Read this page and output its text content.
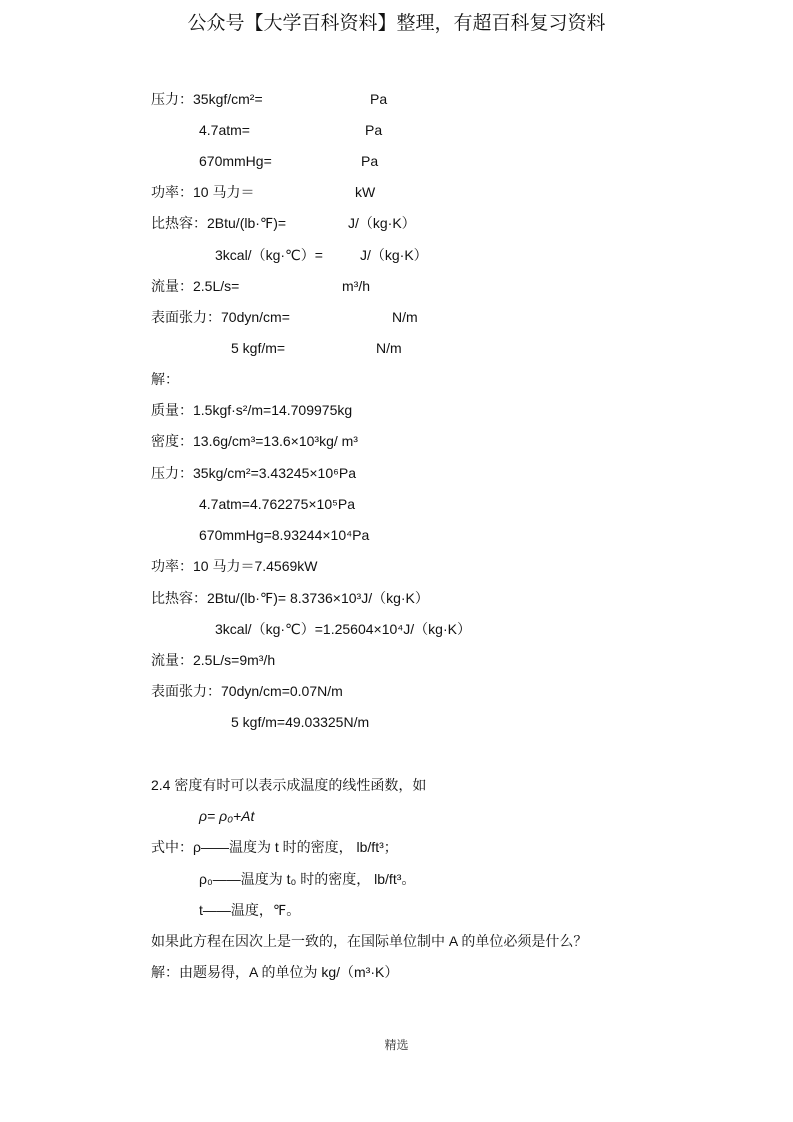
公众号【大学百科资料】整理，有超百科复习资料
压力：35kgf/cm²=	Pa
4.7atm=	Pa
670mmHg=	Pa
功率：10 马力＝	kW
比热容：2Btu/(lb·℉)=	J/（kg·K）
3kcal/（kg·℃）=	J/（kg·K）
流量：2.5L/s=	m³/h
表面张力：70dyn/cm=	N/m
5 kgf/m=	N/m
解：
质量：1.5kgf·s²/m=14.709975kg
密度：13.6g/cm³=13.6×10³kg/ m³
压力：35kg/cm²=3.43245×10⁶Pa
4.7atm=4.762275×10⁵Pa
670mmHg=8.93244×10⁴Pa
功率：10 马力＝7.4569kW
比热容：2Btu/(lb·℉)= 8.3736×10³J/（kg·K）
3kcal/（kg·℃）=1.25604×10⁴J/（kg·K）
流量：2.5L/s=9m³/h
表面张力：70dyn/cm=0.07N/m
5 kgf/m=49.03325N/m
2.4 密度有时可以表示成温度的线性函数，如
ρ= ρ₀+At
式中：ρ——温度为 t 时的密度， lb/ft³；
ρ₀——温度为 t₀ 时的密度， lb/ft³。
t——温度，℉。
如果此方程在因次上是一致的，在国际单位制中 A 的单位必须是什么？
解：由题易得，A 的单位为 kg/（m³·K）
精选
